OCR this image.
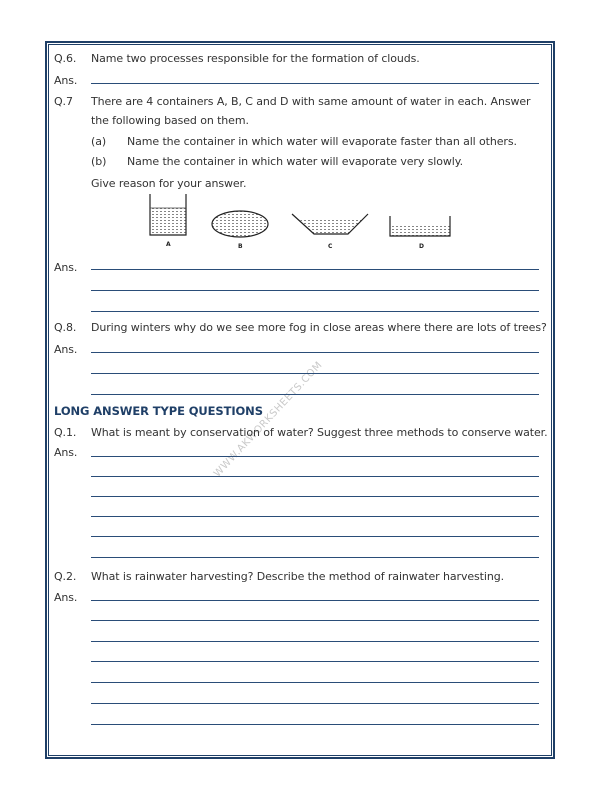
WWW.AKWORKSHEETS.COM
Q.6. Name two processes responsible for the formation of clouds.
Ans.
Q.7 There are 4 containers A, B, C and D with same amount of water in each. Answer
the following based on them.
(a) Name the container in which water will evaporate faster than all others.
(b) Name the container in which water will evaporate very slowly.
Give reason for your answer.
A	B	C	D
Ans.
Q.8. During winters why do we see more fog in close areas where there are lots of trees?
Ans.
LONG ANSWER TYPE QUESTIONS
Q.1. What is meant by conservation of water? Suggest three methods to conserve water.
Ans.
Q.2. What is rainwater harvesting? Describe the method of rainwater harvesting.
Ans.
